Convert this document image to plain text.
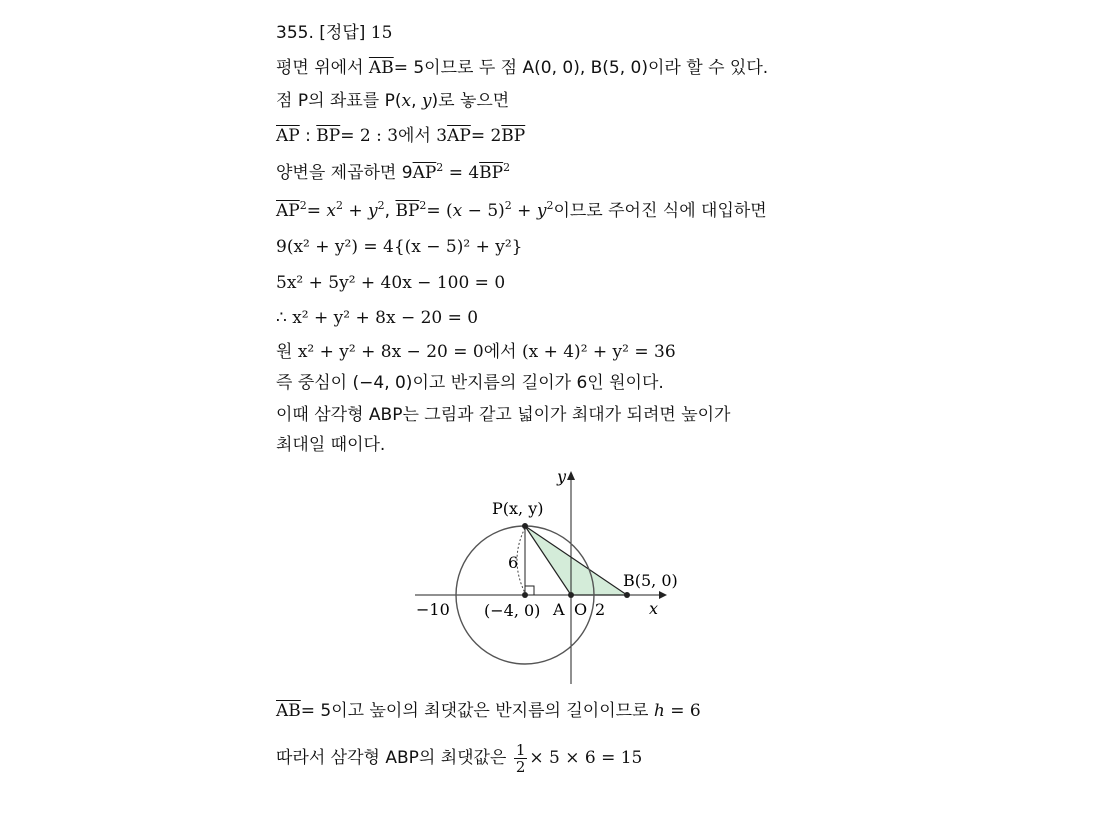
355. [정답] 15
평면 위에서 $\overline{AB}= 5$이므로 두 점 A(0, 0), B(5, 0)이라 할 수 있다.
점 P의 좌표를 P(x, y)로 놓으면
$\overline{AP}$ : $\overline{BP}= 2$ : 3에서 $3\overline{AP}= 2\overline{BP}$
양변을 제곱하면 $9\overline{AP}^2 = 4\overline{BP}^2$
$\overline{AP}^2= x^2 + y^2$, $\overline{BP}^2= (x - 5)^2 + y^2$이므로 주어진 식에 대입하면
9(x² + y²) = 4{(x − 5)² + y²}
5x² + 5y² + 40x − 100 = 0
∴ x² + y² + 8x − 20 = 0
원 x² + y² + 8x − 20 = 0에서 (x + 4)² + y² = 36
즉 중심이 (−4, 0)이고 반지름의 길이가 6인 원이다.
이때 삼각형 ABP는 그림과 같고 넓이가 최대가 되려면 높이가
최대일 때이다.
y
x
P(x, y)
B(5, 0)
6
−10 (−4, 0) A O 2
$\overline{AB}= 5$이고 높이의 최댓값은 반지름의 길이이므로 h = 6
따라서 삼각형 ABP의 최댓값은 $\frac{1}{2} \times 5 \times 6 = 15$
